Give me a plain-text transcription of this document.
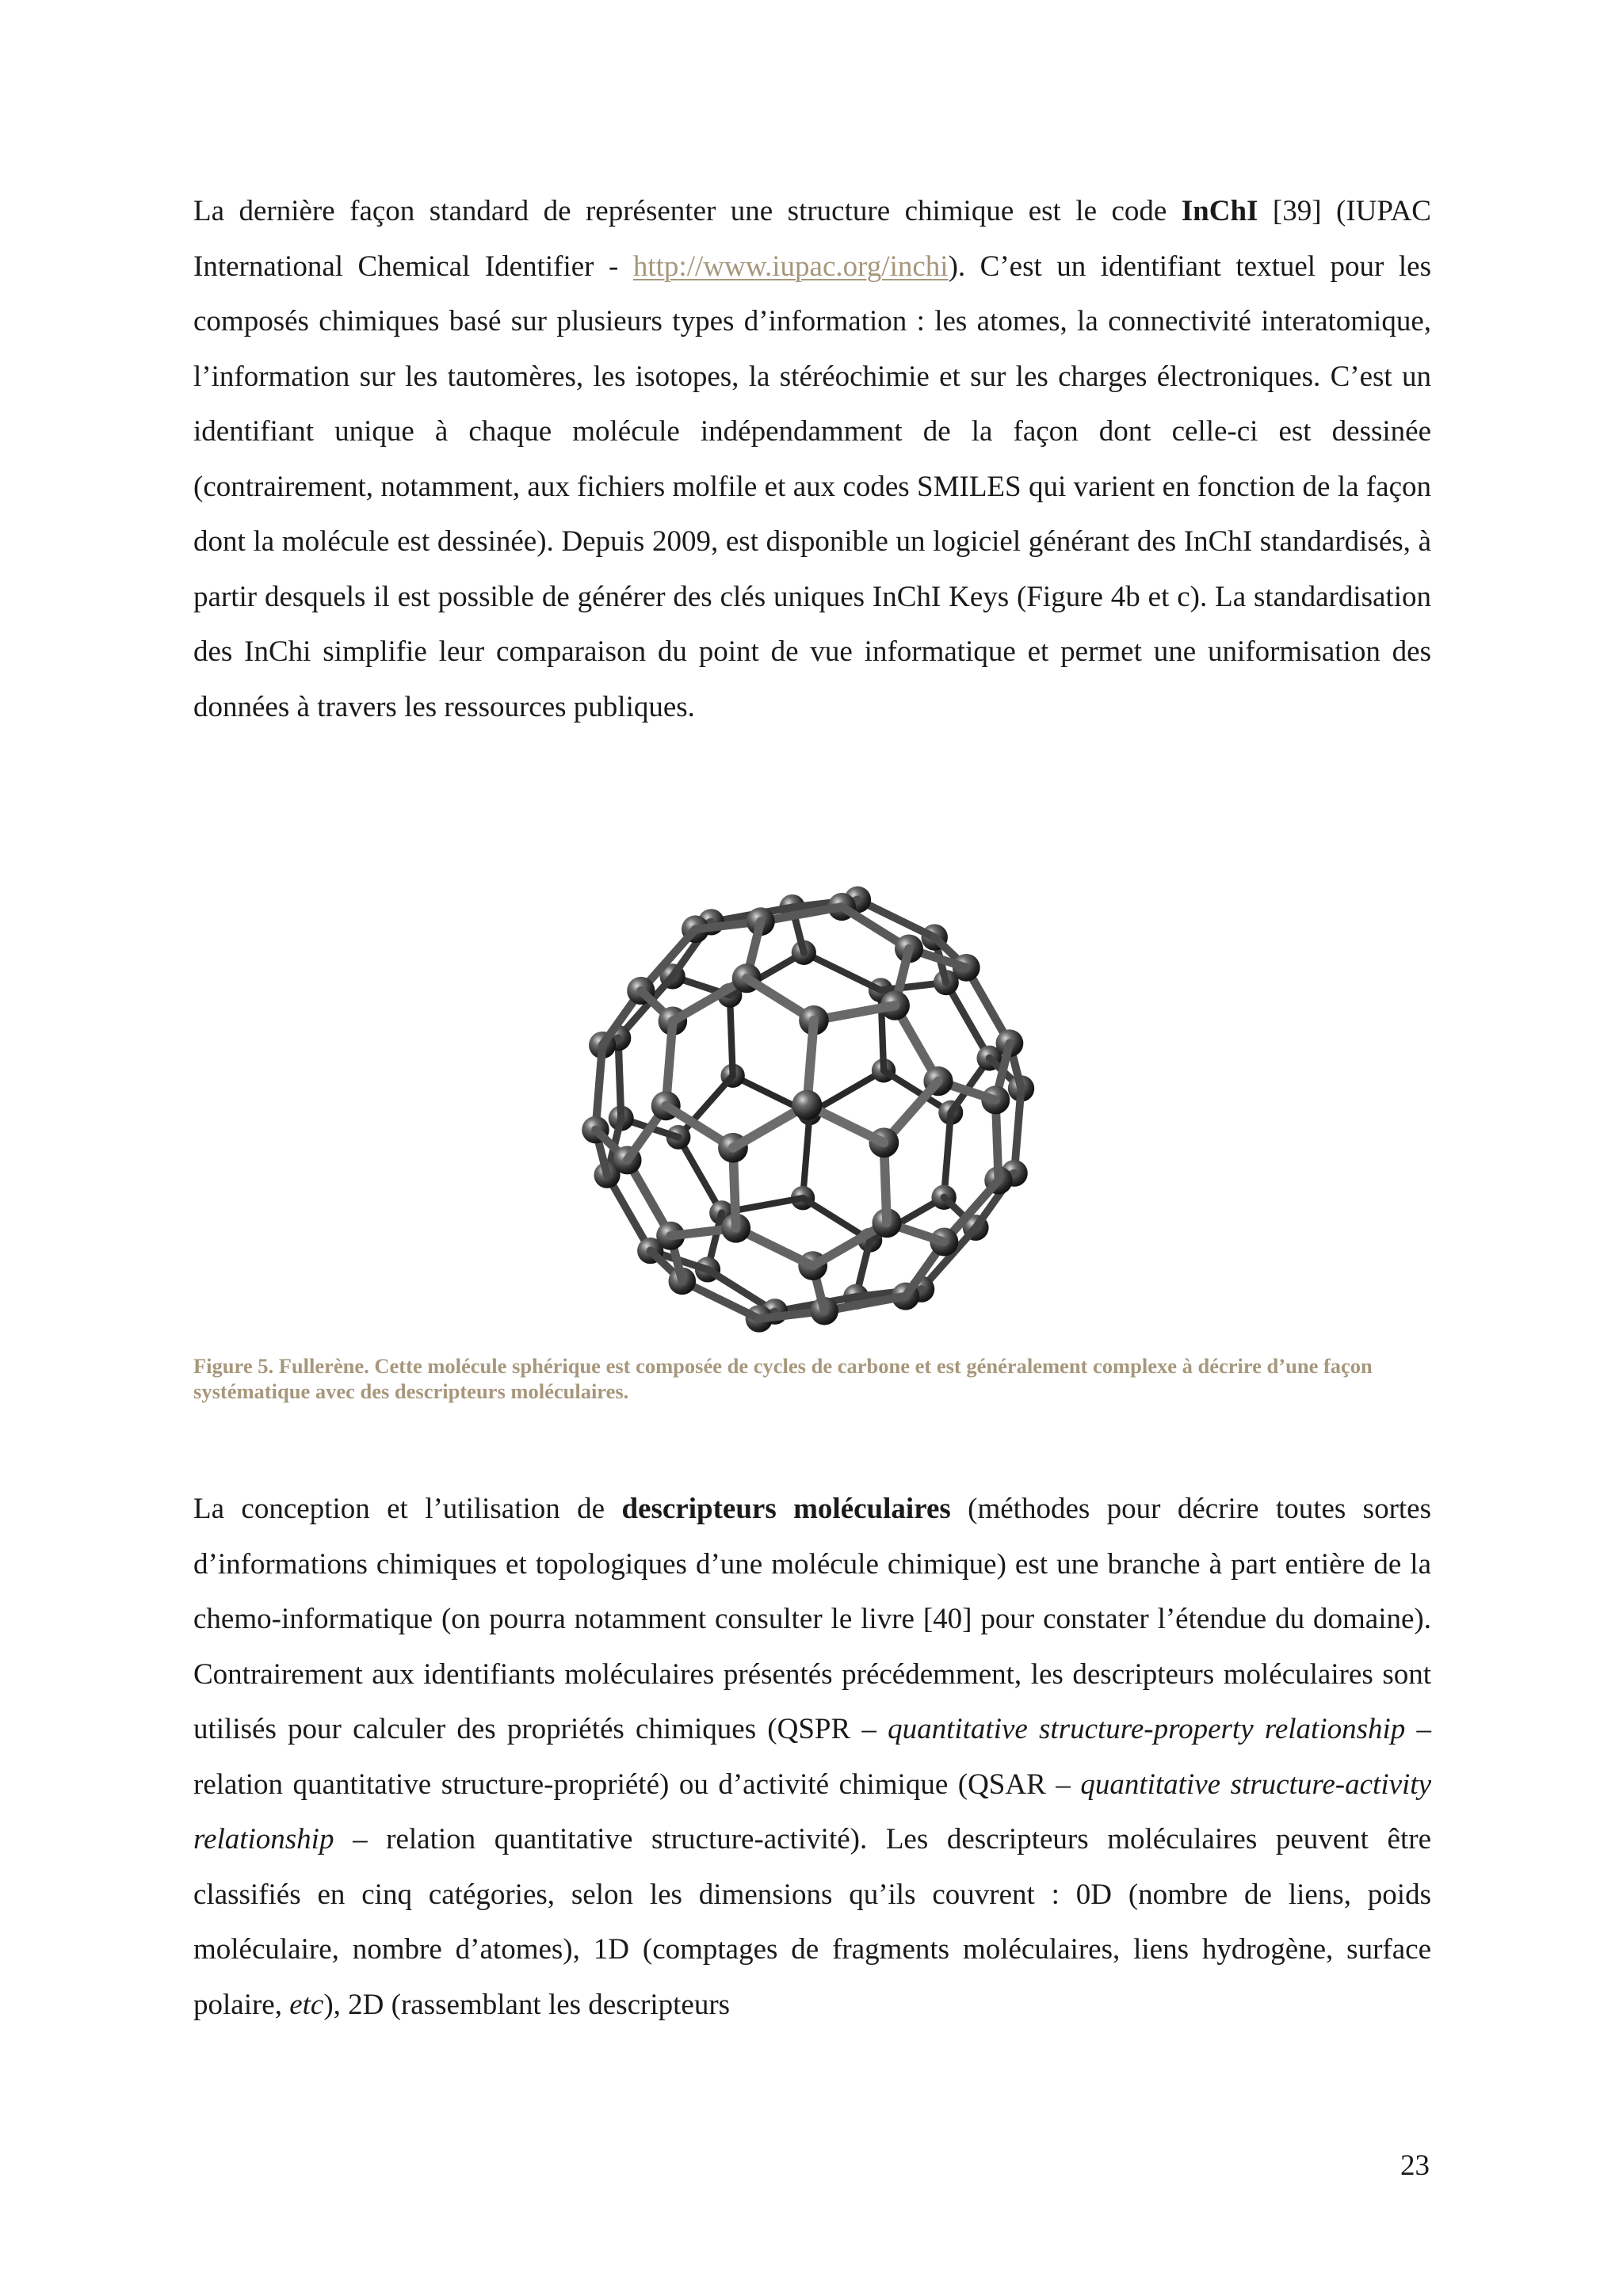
La dernière façon standard de représenter une structure chimique est le code InChI [39] (IUPAC International Chemical Identifier - http://www.iupac.org/inchi). C’est un identifiant textuel pour les composés chimiques basé sur plusieurs types d’information : les atomes, la connectivité interatomique, l’information sur les tautomères, les isotopes, la stéréochimie et sur les charges électroniques. C’est un identifiant unique à chaque molécule indépendamment de la façon dont celle-ci est dessinée (contrairement, notamment, aux fichiers molfile et aux codes SMILES qui varient en fonction de la façon dont la molécule est dessinée). Depuis 2009, est disponible un logiciel générant des InChI standardisés, à partir desquels il est possible de générer des clés uniques InChI Keys (Figure 4b et c). La standardisation des InChi simplifie leur comparaison du point de vue informatique et permet une uniformisation des données à travers les ressources publiques.

Figure 5. Fullerène. Cette molécule sphérique est composée de cycles de carbone et est généralement complexe à décrire d’une façon systématique avec des descripteurs moléculaires.

La conception et l’utilisation de descripteurs moléculaires (méthodes pour décrire toutes sortes d’informations chimiques et topologiques d’une molécule chimique) est une branche à part entière de la chemo-informatique (on pourra notamment consulter le livre [40] pour constater l’étendue du domaine). Contrairement aux identifiants moléculaires présentés précédemment, les descripteurs moléculaires sont utilisés pour calculer des propriétés chimiques (QSPR – quantitative structure-property relationship – relation quantitative structure-propriété) ou d’activité chimique (QSAR – quantitative structure-activity relationship – relation quantitative structure-activité). Les descripteurs moléculaires peuvent être classifiés en cinq catégories, selon les dimensions qu’ils couvrent : 0D (nombre de liens, poids moléculaire, nombre d’atomes), 1D (comptages de fragments moléculaires, liens hydrogène, surface polaire, etc), 2D (rassemblant les descripteurs

23
